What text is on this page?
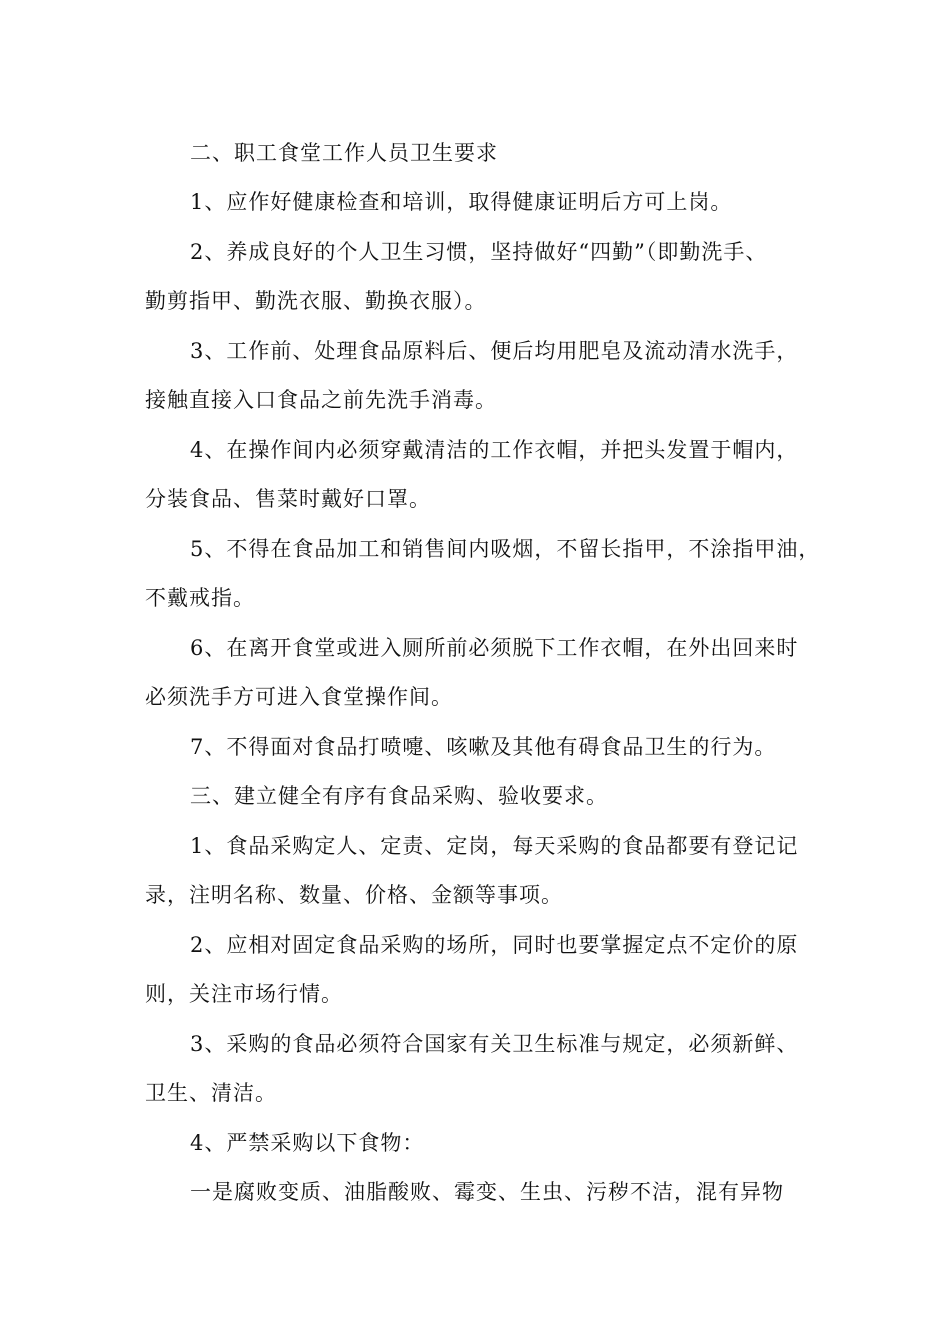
二、职工食堂工作人员卫生要求
1、应作好健康检查和培训，取得健康证明后方可上岗。
2、养成良好的个人卫生习惯，坚持做好“四勤”（即勤洗手、
勤剪指甲、勤洗衣服、勤换衣服）。
3、工作前、处理食品原料后、便后均用肥皂及流动清水洗手，
接触直接入口食品之前先洗手消毒。
4、在操作间内必须穿戴清洁的工作衣帽，并把头发置于帽内，
分装食品、售菜时戴好口罩。
5、不得在食品加工和销售间内吸烟，不留长指甲，不涂指甲油，
不戴戒指。
6、在离开食堂或进入厕所前必须脱下工作衣帽，在外出回来时
必须洗手方可进入食堂操作间。
7、不得面对食品打喷嚏、咳嗽及其他有碍食品卫生的行为。
三、建立健全有序有食品采购、验收要求。
1、食品采购定人、定责、定岗，每天采购的食品都要有登记记
录，注明名称、数量、价格、金额等事项。
2、应相对固定食品采购的场所，同时也要掌握定点不定价的原
则，关注市场行情。
3、采购的食品必须符合国家有关卫生标准与规定，必须新鲜、
卫生、清洁。
4、严禁采购以下食物：
一是腐败变质、油脂酸败、霉变、生虫、污秽不洁，混有异物
